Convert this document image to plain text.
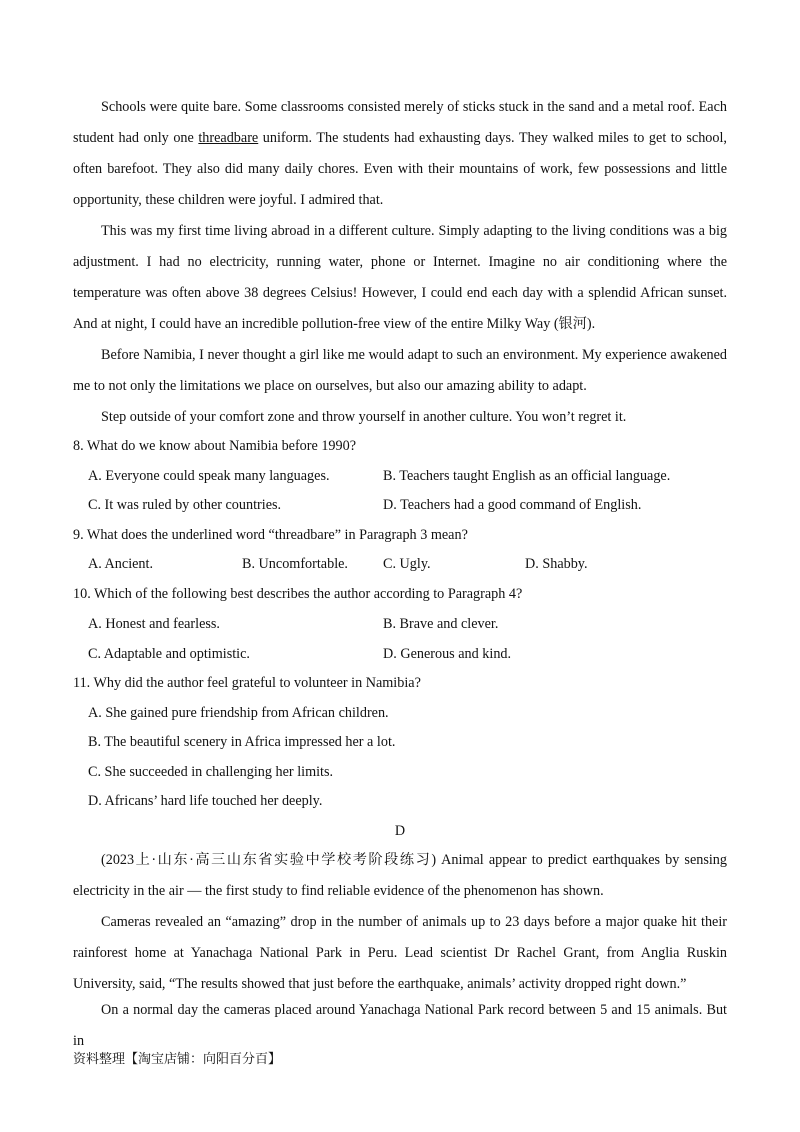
Schools were quite bare. Some classrooms consisted merely of sticks stuck in the sand and a metal roof. Each student had only one threadbare uniform. The students had exhausting days. They walked miles to get to school, often barefoot. They also did many daily chores. Even with their mountains of work, few possessions and little opportunity, these children were joyful. I admired that.

This was my first time living abroad in a different culture. Simply adapting to the living conditions was a big adjustment. I had no electricity, running water, phone or Internet. Imagine no air conditioning where the temperature was often above 38 degrees Celsius! However, I could end each day with a splendid African sunset. And at night, I could have an incredible pollution-free view of the entire Milky Way (银河).

Before Namibia, I never thought a girl like me would adapt to such an environment. My experience awakened me to not only the limitations we place on ourselves, but also our amazing ability to adapt.

Step outside of your comfort zone and throw yourself in another culture. You won’t regret it.

8. What do we know about Namibia before 1990?
A. Everyone could speak many languages.	B. Teachers taught English as an official language.
C. It was ruled by other countries.	D. Teachers had a good command of English.
9. What does the underlined word “threadbare” in Paragraph 3 mean?
A. Ancient.	B. Uncomfortable. C. Ugly.	D. Shabby.
10. Which of the following best describes the author according to Paragraph 4?
A. Honest and fearless.	B. Brave and clever.
C. Adaptable and optimistic.	D. Generous and kind.
11. Why did the author feel grateful to volunteer in Namibia?
A. She gained pure friendship from African children.
B. The beautiful scenery in Africa impressed her a lot.
C. She succeeded in challenging her limits.
D. Africans’ hard life touched her deeply.
D

(2023上·山东·高三山东省实验中学校考阶段练习) Animal appear to predict earthquakes by sensing electricity in the air — the first study to find reliable evidence of the phenomenon has shown.

Cameras revealed an “amazing” drop in the number of animals up to 23 days before a major quake hit their rainforest home at Yanachaga National Park in Peru. Lead scientist Dr Rachel Grant, from Anglia Ruskin University, said, “The results showed that just before the earthquake, animals’ activity dropped right down.”

On a normal day the cameras placed around Yanachaga National Park record between 5 and 15 animals. But in

资料整理【淘宝店铺：向阳百分百】
